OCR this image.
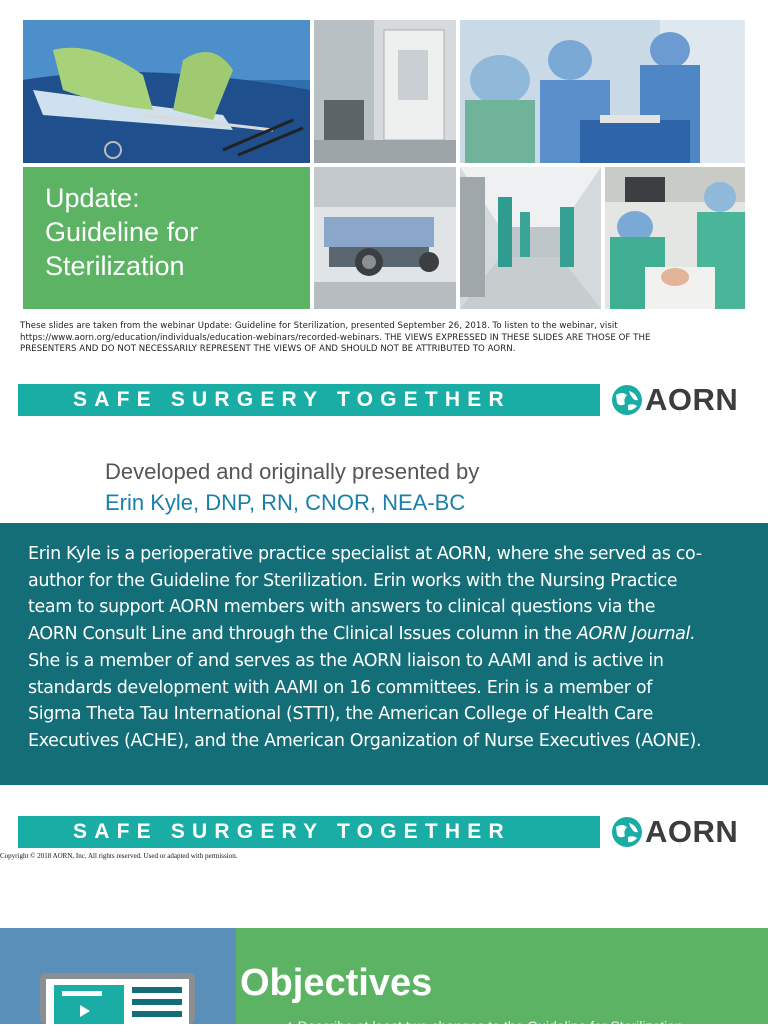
Update:
Guideline for
Sterilization
These slides are taken from the webinar Update: Guideline for Sterilization, presented September 26, 2018. To listen to the webinar, visit
https://www.aorn.org/education/individuals/education-webinars/recorded-webinars. THE VIEWS EXPRESSED IN THESE SLIDES ARE THOSE OF THE
PRESENTERS AND DO NOT NECESSARILY REPRESENT THE VIEWS OF AND SHOULD NOT BE ATTRIBUTED TO AORN.
SAFE SURGERY TOGETHER	AORN
Developed and originally presented by
Erin Kyle, DNP, RN, CNOR, NEA-BC
Erin Kyle is a perioperative practice specialist at AORN, where she served as co-
author for the Guideline for Sterilization. Erin works with the Nursing Practice
team to support AORN members with answers to clinical questions via the
AORN Consult Line and through the Clinical Issues column in the AORN Journal.
She is a member of and serves as the AORN liaison to AAMI and is active in
standards development with AAMI on 16 committees. Erin is a member of
Sigma Theta Tau International (STTI), the American College of Health Care
Executives (ACHE), and the American Organization of Nurse Executives (AONE).
SAFE SURGERY TOGETHER	AORN
Copyright © 2018 AORN, Inc. All rights reserved. Used or adapted with permission.
Objectives
✓ Describe at least two changes to the Guideline for Sterilization
